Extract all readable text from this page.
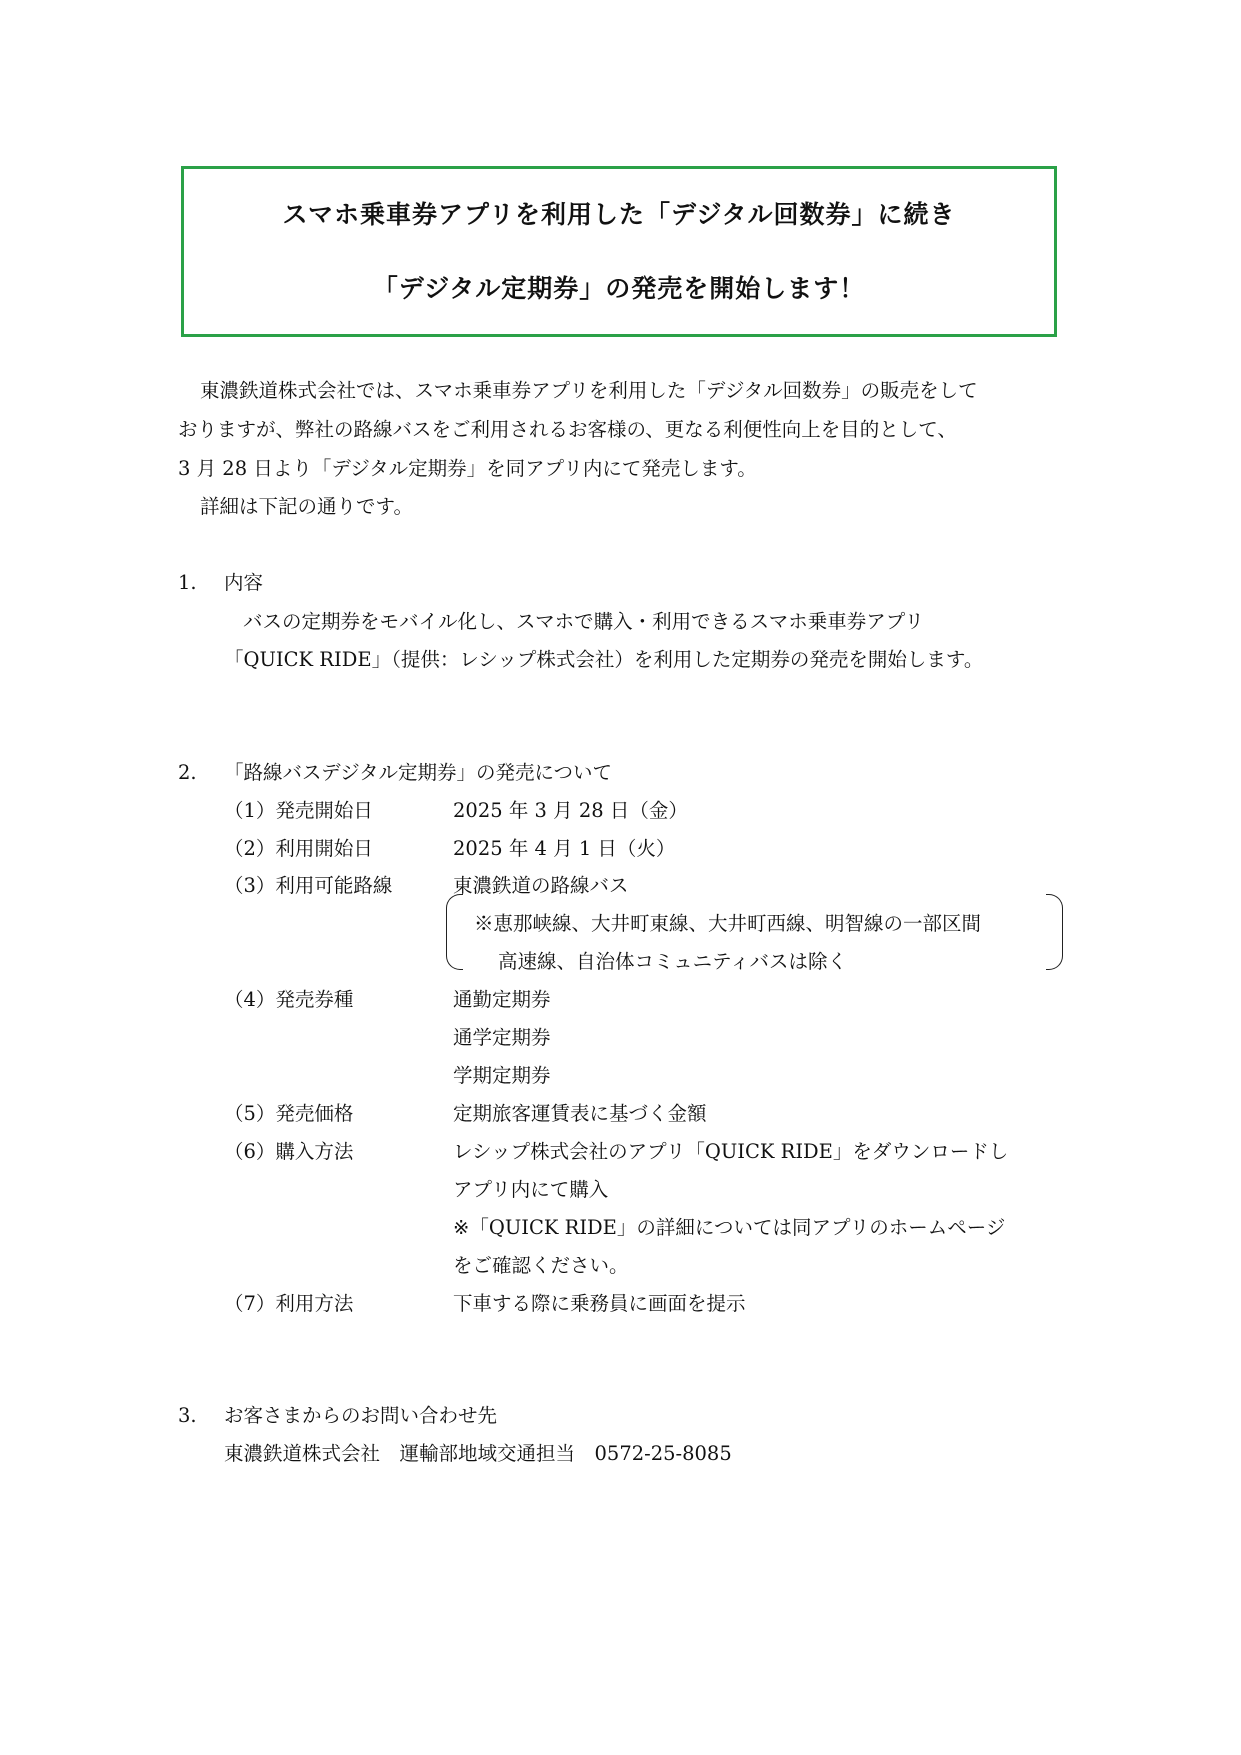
スマホ乗車券アプリを利用した「デジタル回数券」に続き
「デジタル定期券」の発売を開始します！
東濃鉄道株式会社では、スマホ乗車券アプリを利用した「デジタル回数券」の販売をして
おりますが、弊社の路線バスをご利用されるお客様の、更なる利便性向上を目的として、
3 月 28 日より「デジタル定期券」を同アプリ内にて発売します。
詳細は下記の通りです。
1. 内容
バスの定期券をモバイル化し、スマホで購入・利用できるスマホ乗車券アプリ
「QUICK RIDE」（提供：レシップ株式会社）を利用した定期券の発売を開始します。
2. 「路線バスデジタル定期券」の発売について
（1）発売開始日	2025 年 3 月 28 日（金）
（2）利用開始日	2025 年 4 月 1 日（火）
（3）利用可能路線	東濃鉄道の路線バス
※恵那峡線、大井町東線、大井町西線、明智線の一部区間
高速線、自治体コミュニティバスは除く
（4）発売券種	通勤定期券
通学定期券
学期定期券
（5）発売価格	定期旅客運賃表に基づく金額
（6）購入方法	レシップ株式会社のアプリ「QUICK RIDE」をダウンロードし
アプリ内にて購入
※「QUICK RIDE」の詳細については同アプリのホームページ
をご確認ください。
（7）利用方法	下車する際に乗務員に画面を提示
3. お客さまからのお問い合わせ先
東濃鉄道株式会社　運輸部地域交通担当　0572-25-8085
